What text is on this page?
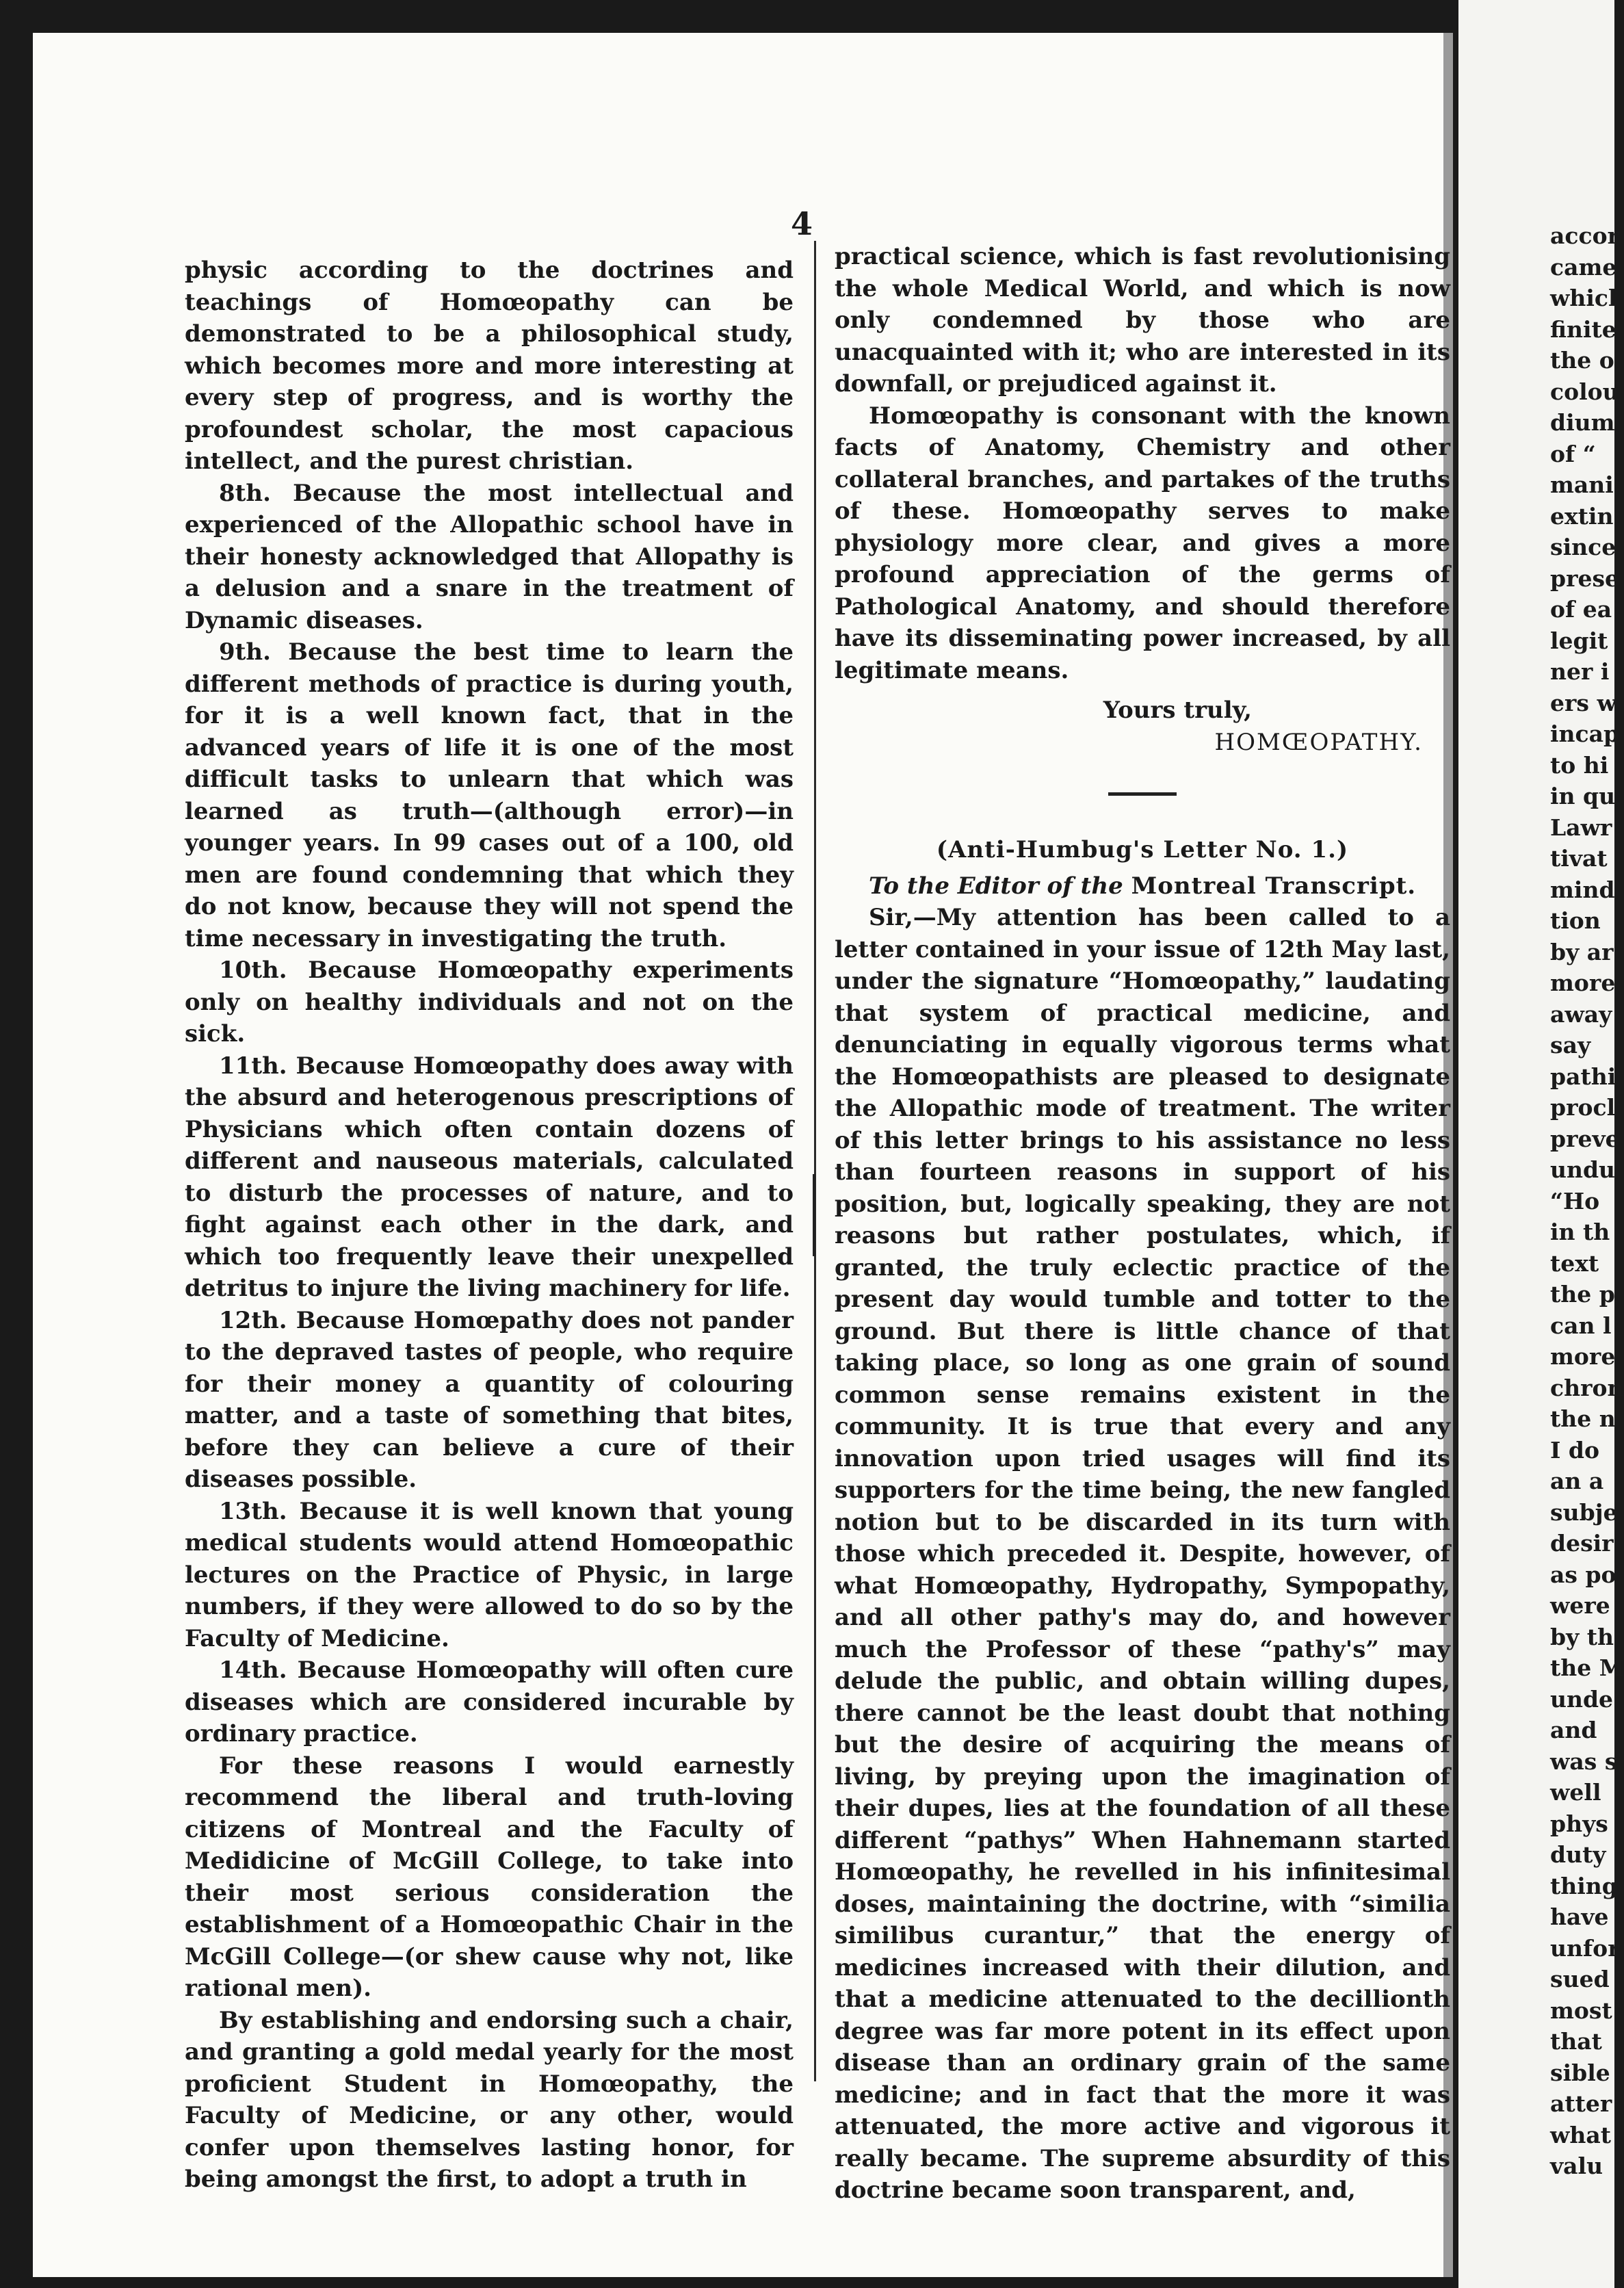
4	accor
came
whicl
finite
the o
colou
dium
of “
mani
extin
since
prese
of ea
legit
ner i
ers w
incap
to hi
in qu
Lawr
tivat
mind
tion
by ar
more
away
say
pathi
procl
preve
undu
“Ho
in th
text
the p
can l
more
chron
the n
I do
an a
subje
desir
as po
were
by th
the M
unde
and
was s
well
phys
duty
thing
have
unfor
sued
most
that
sible
atter
what
valu

physic according to the doctrines and teachings of Homœopathy can be demonstrated to be a philosophical study, which becomes more and more interesting at every step of progress, and is worthy the profoundest scholar, the most capacious intellect, and the purest christian.

8th. Because the most intellectual and experienced of the Allopathic school have in their honesty acknowledged that Allopathy is a delusion and a snare in the treatment of Dynamic diseases.

9th. Because the best time to learn the different methods of practice is during youth, for it is a well known fact, that in the advanced years of life it is one of the most difficult tasks to unlearn that which was learned as truth—(although error)—in younger years. In 99 cases out of a 100, old men are found condemning that which they do not know, because they will not spend the time necessary in investigating the truth.

10th. Because Homœopathy experiments only on healthy individuals and not on the sick.

11th. Because Homœopathy does away with the absurd and heterogenous prescriptions of Physicians which often contain dozens of different and nauseous materials, calculated to disturb the processes of nature, and to fight against each other in the dark, and which too frequently leave their unexpelled detritus to injure the living machinery for life.

12th. Because Homœpathy does not pander to the depraved tastes of people, who require for their money a quantity of colouring matter, and a taste of something that bites, before they can believe a cure of their diseases possible.

13th. Because it is well known that young medical students would attend Homœopathic lectures on the Practice of Physic, in large numbers, if they were allowed to do so by the Faculty of Medicine.

14th. Because Homœopathy will often cure diseases which are considered incurable by ordinary practice.

For these reasons I would earnestly recommend the liberal and truth-loving citizens of Montreal and the Faculty of Medidicine of McGill College, to take into their most serious consideration the establishment of a Homœopathic Chair in the McGill College—(or shew cause why not, like rational men).

By establishing and endorsing such a chair, and granting a gold medal yearly for the most proficient Student in Homœopathy, the Faculty of Medicine, or any other, would confer upon themselves lasting honor, for being amongst the first, to adopt a truth in

practical science, which is fast revolutionising the whole Medical World, and which is now only condemned by those who are unacquainted with it; who are interested in its downfall, or prejudiced against it.

Homœopathy is consonant with the known facts of Anatomy, Chemistry and other collateral branches, and partakes of the truths of these. Homœopathy serves to make physiology more clear, and gives a more profound appreciation of the germs of Pathological Anatomy, and should therefore have its disseminating power increased, by all legitimate means.

Yours truly,
HOMŒOPATHY.
(Anti-Humbug's Letter No. 1.)

To the Editor of the Montreal Transcript.

Sir,—My attention has been called to a letter contained in your issue of 12th May last, under the signature “Homœopathy,” laudating that system of practical medicine, and denunciating in equally vigorous terms what the Homœopathists are pleased to designate the Allopathic mode of treatment. The writer of this letter brings to his assistance no less than fourteen reasons in support of his position, but, logically speaking, they are not reasons but rather postulates, which, if granted, the truly eclectic practice of the present day would tumble and totter to the ground. But there is little chance of that taking place, so long as one grain of sound common sense remains existent in the community. It is true that every and any innovation upon tried usages will find its supporters for the time being, the new fangled notion but to be discarded in its turn with those which preceded it. Despite, however, of what Homœopathy, Hydropathy, Sympopathy, and all other pathy's may do, and however much the Professor of these “pathy's” may delude the public, and obtain willing dupes, there cannot be the least doubt that nothing but the desire of acquiring the means of living, by preying upon the imagination of their dupes, lies at the foundation of all these different “pathys” When Hahnemann started Homœopathy, he revelled in his infinitesimal doses, maintaining the doctrine, with “similia similibus curantur,” that the energy of medicines increased with their dilution, and that a medicine attenuated to the decillionth degree was far more potent in its effect upon disease than an ordinary grain of the same medicine; and in fact that the more it was attenuated, the more active and vigorous it really became. The supreme absurdity of this doctrine became soon transparent, and,
